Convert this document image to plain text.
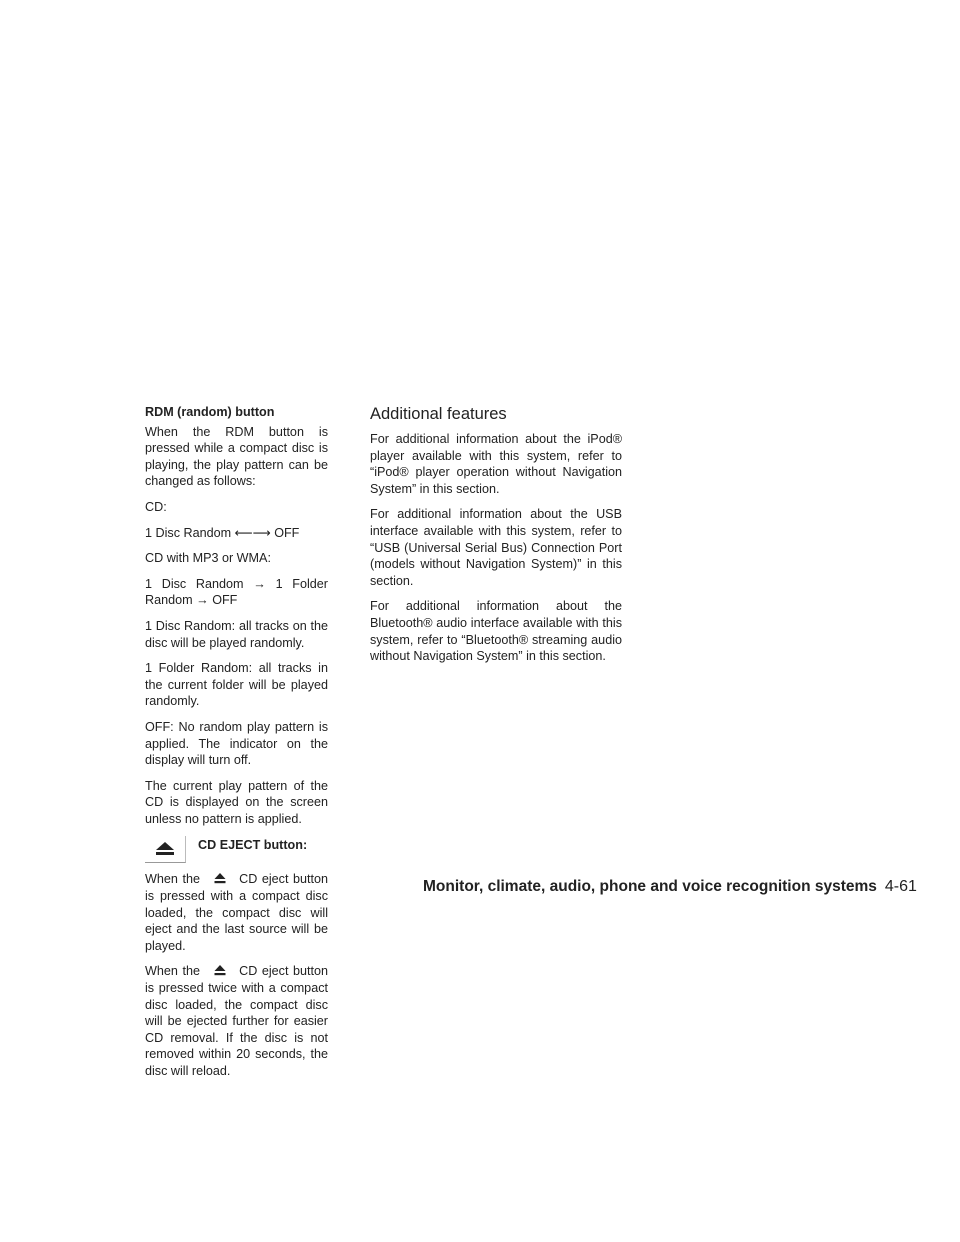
RDM (random) button

When the RDM button is pressed while a compact disc is playing, the play pattern can be changed as follows:

CD:

1 Disc Random ⟵⟶ OFF

CD with MP3 or WMA:

1 Disc Random → 1 Folder Random → OFF

1 Disc Random: all tracks on the disc will be played randomly.

1 Folder Random: all tracks in the current folder will be played randomly.

OFF: No random play pattern is applied. The indicator on the display will turn off.

The current play pattern of the CD is displayed on the screen unless no pattern is applied.

CD EJECT button:

When the	CD eject button is pressed with a compact disc loaded, the compact disc will eject and the last source will be played.

When the	CD eject button is pressed twice with a compact disc loaded, the compact disc will be ejected further for easier CD removal. If the disc is not removed within 20 seconds, the disc will reload.

Additional features

For additional information about the iPod® player available with this system, refer to “iPod® player operation without Navigation System” in this section.

For additional information about the USB interface available with this system, refer to “USB (Universal Serial Bus) Connection Port (models without Navigation System)” in this section.

For additional information about the Bluetooth® audio interface available with this system, refer to “Bluetooth® streaming audio without Navigation System” in this section.

Monitor, climate, audio, phone and voice recognition systems 4-61
